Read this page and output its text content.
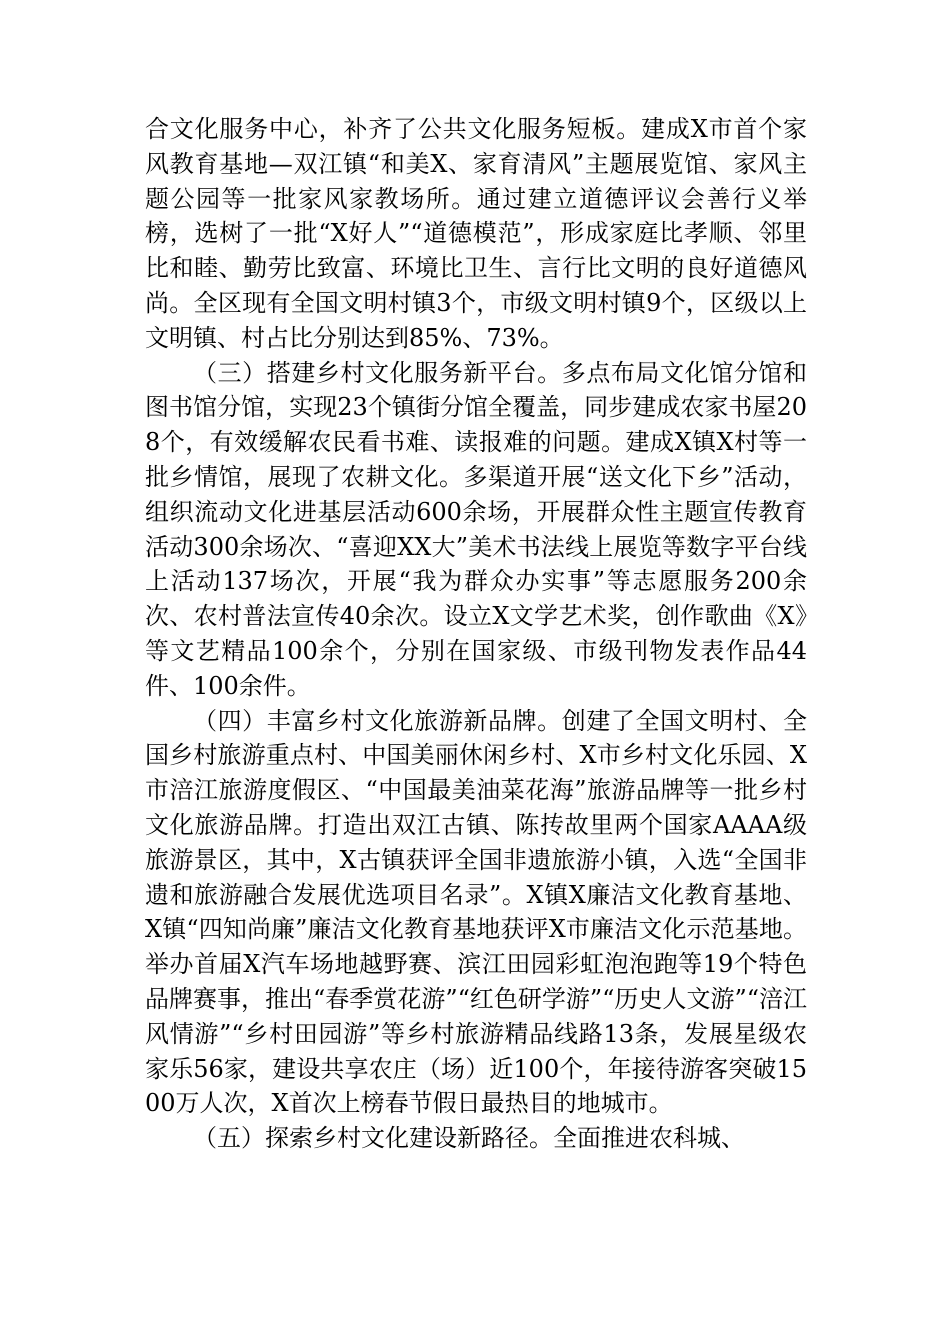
合文化服务中心，补齐了公共文化服务短板。建成X市首个家风教育基地—双江镇“和美X、家育清风”主题展览馆、家风主题公园等一批家风家教场所。通过建立道德评议会善行义举榜，选树了一批“X好人”“道德模范”，形成家庭比孝顺、邻里比和睦、勤劳比致富、环境比卫生、言行比文明的良好道德风尚。全区现有全国文明村镇3个，市级文明村镇9个，区级以上文明镇、村占比分别达到85%、73%。

（三）搭建乡村文化服务新平台。多点布局文化馆分馆和图书馆分馆，实现23个镇街分馆全覆盖，同步建成农家书屋208个，有效缓解农民看书难、读报难的问题。建成X镇X村等一批乡情馆，展现了农耕文化。多渠道开展“送文化下乡”活动，组织流动文化进基层活动600余场，开展群众性主题宣传教育活动300余场次、“喜迎XX大”美术书法线上展览等数字平台线上活动137场次，开展“我为群众办实事”等志愿服务200余次、农村普法宣传40余次。设立X文学艺术奖，创作歌曲《X》等文艺精品100余个，分别在国家级、市级刊物发表作品44件、100余件。

（四）丰富乡村文化旅游新品牌。创建了全国文明村、全国乡村旅游重点村、中国美丽休闲乡村、X市乡村文化乐园、X市涪江旅游度假区、“中国最美油菜花海”旅游品牌等一批乡村文化旅游品牌。打造出双江古镇、陈抟故里两个国家AAAA级旅游景区，其中，X古镇获评全国非遗旅游小镇，入选“全国非遗和旅游融合发展优选项目名录”。X镇X廉洁文化教育基地、X镇“四知尚廉”廉洁文化教育基地获评X市廉洁文化示范基地。举办首届X汽车场地越野赛、滨江田园彩虹泡泡跑等19个特色品牌赛事，推出“春季赏花游”“红色研学游”“历史人文游”“涪江风情游”“乡村田园游”等乡村旅游精品线路13条，发展星级农家乐56家，建设共享农庄（场）近100个，年接待游客突破1500万人次，X首次上榜春节假日最热目的地城市。

（五）探索乡村文化建设新路径。全面推进农科城、
